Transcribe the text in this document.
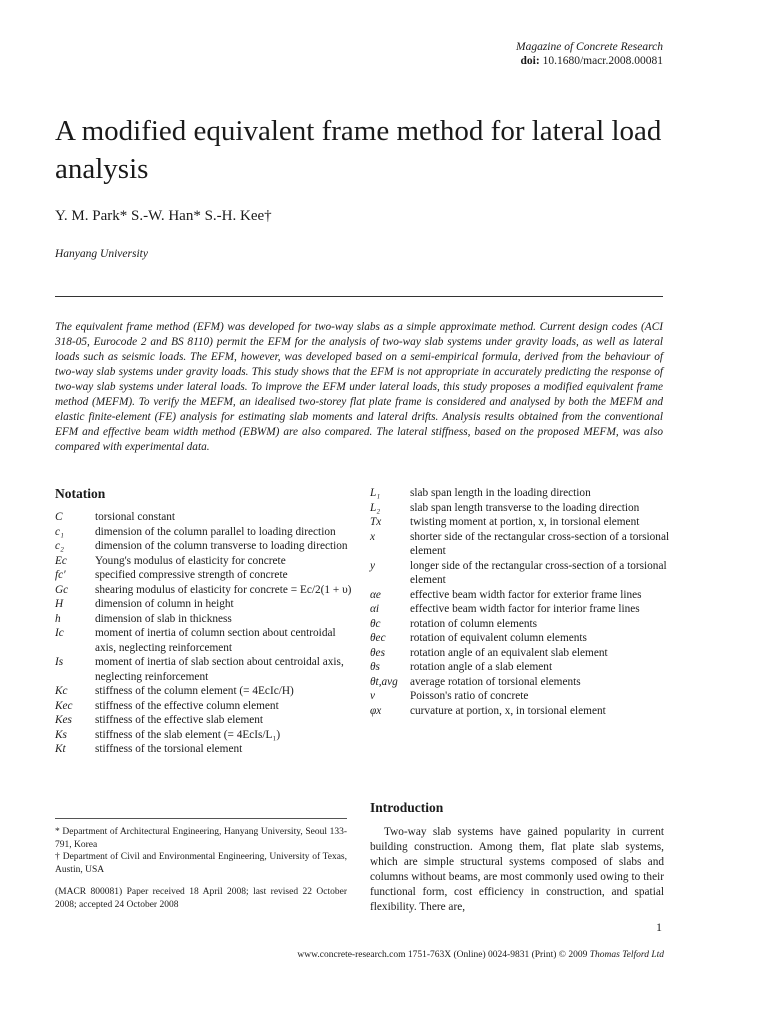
Magazine of Concrete Research
doi: 10.1680/macr.2008.00081
A modified equivalent frame method for lateral load analysis
Y. M. Park* S.-W. Han* S.-H. Kee†
Hanyang University

The equivalent frame method (EFM) was developed for two-way slabs as a simple approximate method. Current design codes (ACI 318-05, Eurocode 2 and BS 8110) permit the EFM for the analysis of two-way slab systems under gravity loads, as well as lateral loads such as seismic loads. The EFM, however, was developed based on a semi-empirical formula, derived from the behaviour of two-way slab systems under gravity loads. This study shows that the EFM is not appropriate in accurately predicting the response of two-way slab systems under lateral loads. To improve the EFM under lateral loads, this study proposes a modified equivalent frame method (MEFM). To verify the MEFM, an idealised two-storey flat plate frame is considered and analysed by both the MEFM and elastic finite-element (FE) analysis for estimating slab moments and lateral drifts. Analysis results obtained from the conventional EFM and effective beam width method (EBWM) are also compared. The lateral stiffness, based on the proposed MEFM, was also compared with experimental data.

Notation
C	torsional constant
c₁	dimension of the column parallel to loading direction
c₂	dimension of the column transverse to loading direction
Ec	Young's modulus of elasticity for concrete
fc′	specified compressive strength of concrete
Gc	shearing modulus of elasticity for concrete = Ec/2(1 + υ)
H	dimension of column in height
h	dimension of slab in thickness
Ic	moment of inertia of column section about centroidal axis, neglecting reinforcement
Is	moment of inertia of slab section about centroidal axis, neglecting reinforcement
Kc	stiffness of the column element (= 4EcIc/H)
Kec	stiffness of the effective column element
Kes	stiffness of the effective slab element
Ks	stiffness of the slab element (= 4EcIs/L₁)
Kt	stiffness of the torsional element
L₁	slab span length in the loading direction
L₂	slab span length transverse to the loading direction
Tx	twisting moment at portion, x, in torsional element
x	shorter side of the rectangular cross-section of a torsional element
y	longer side of the rectangular cross-section of a torsional element
αe	effective beam width factor for exterior frame lines
αi	effective beam width factor for interior frame lines
θc	rotation of column elements
θec	rotation of equivalent column elements
θes	rotation angle of an equivalent slab element
θs	rotation angle of a slab element
θt,avg	average rotation of torsional elements
ν	Poisson's ratio of concrete
φx	curvature at portion, x, in torsional element
Introduction

Two-way slab systems have gained popularity in current building construction. Among them, flat plate slab systems, which are simple structural systems composed of slabs and columns without beams, are most commonly used owing to their functional form, cost efficiency in construction, and spatial flexibility. There are,

* Department of Architectural Engineering, Hanyang University, Seoul 133-791, Korea

† Department of Civil and Environmental Engineering, University of Texas, Austin, USA

(MACR 800081) Paper received 18 April 2008; last revised 22 October 2008; accepted 24 October 2008

1
www.concrete-research.com 1751-763X (Online) 0024-9831 (Print) © 2009 Thomas Telford Ltd
